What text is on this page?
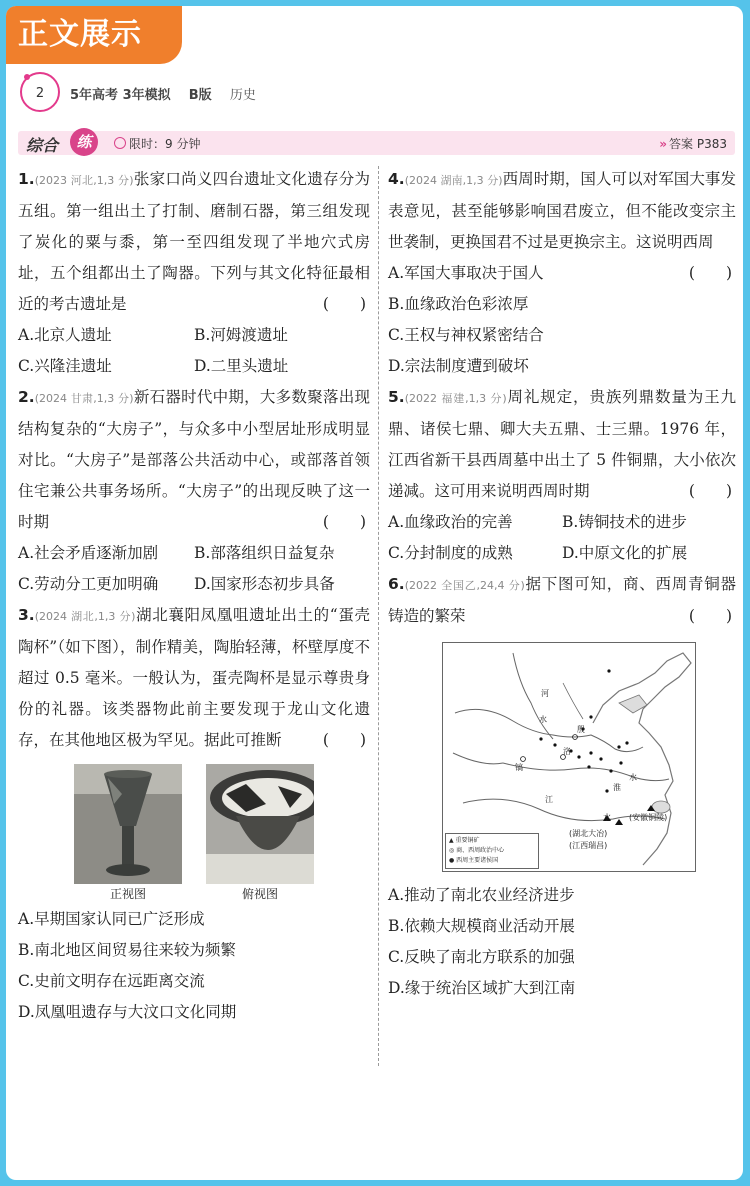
正文展示
2	5年高考 3年模拟 B版 历史
综合	练	限时：9 分钟	» 答案 P383
1.(2023 河北,1,3 分)张家口尚义四台遗址文化遗存分为五组。第一组出土了打制、磨制石器，第三组发现了炭化的粟与黍，第一至四组发现了半地穴式房址，五个组都出土了陶器。下列与其文化特征最相近的考古遗址是	(　　)
A.北京人遗址	B.河姆渡遗址
C.兴隆洼遗址	D.二里头遗址
2.(2024 甘肃,1,3 分)新石器时代中期，大多数聚落出现结构复杂的“大房子”，与众多中小型居址形成明显对比。“大房子”是部落公共活动中心，或部落首领住宅兼公共事务场所。“大房子”的出现反映了这一时期	(　　)
A.社会矛盾逐渐加剧	B.部落组织日益复杂
C.劳动分工更加明确	D.国家形态初步具备
3.(2024 湖北,1,3 分)湖北襄阳凤凰咀遗址出土的“蛋壳陶杯”（如下图），制作精美，陶胎轻薄，杯壁厚度不超过 0.5 毫米。一般认为，蛋壳陶杯是显示尊贵身份的礼器。该类器物此前主要发现于龙山文化遗存，在其他地区极为罕见。据此可推断	(　　)
正视图	俯视图
A.早期国家认同已广泛形成
B.南北地区间贸易往来较为频繁
C.史前文明存在远距离交流
D.凤凰咀遗存与大汶口文化同期
4.(2024 湖南,1,3 分)西周时期，国人可以对军国大事发表意见，甚至能够影响国君废立，但不能改变宗主世袭制，更换国君不过是更换宗主。这说明西周
(　　)
A.军国大事取决于国人
B.血缘政治色彩浓厚
C.王权与神权紧密结合
D.宗法制度遭到破坏
5.(2022 福建,1,3 分)周礼规定，贵族列鼎数量为王九鼎、诸侯七鼎、卿大夫五鼎、士三鼎。1976 年，江西省新干县西周墓中出土了 5 件铜鼎，大小依次递减。这可用来说明西周时期	(　　)
A.血缘政治的完善	B.铸铜技术的进步
C.分封制度的成熟	D.中原文化的扩展
6.(2022 全国乙,24,4 分)据下图可知，商、西周青铜器铸造的繁荣	(　　)
河
水
殷
洛
镐
水
江
淮
水
(湖北大冶)
(江西瑞昌)
(安徽铜陵)
▲ 重要铜矿
◎ 商、西周政治中心
● 西周主要诸侯国
A.推动了南北农业经济进步
B.依赖大规模商业活动开展
C.反映了南北方联系的加强
D.缘于统治区域扩大到江南
